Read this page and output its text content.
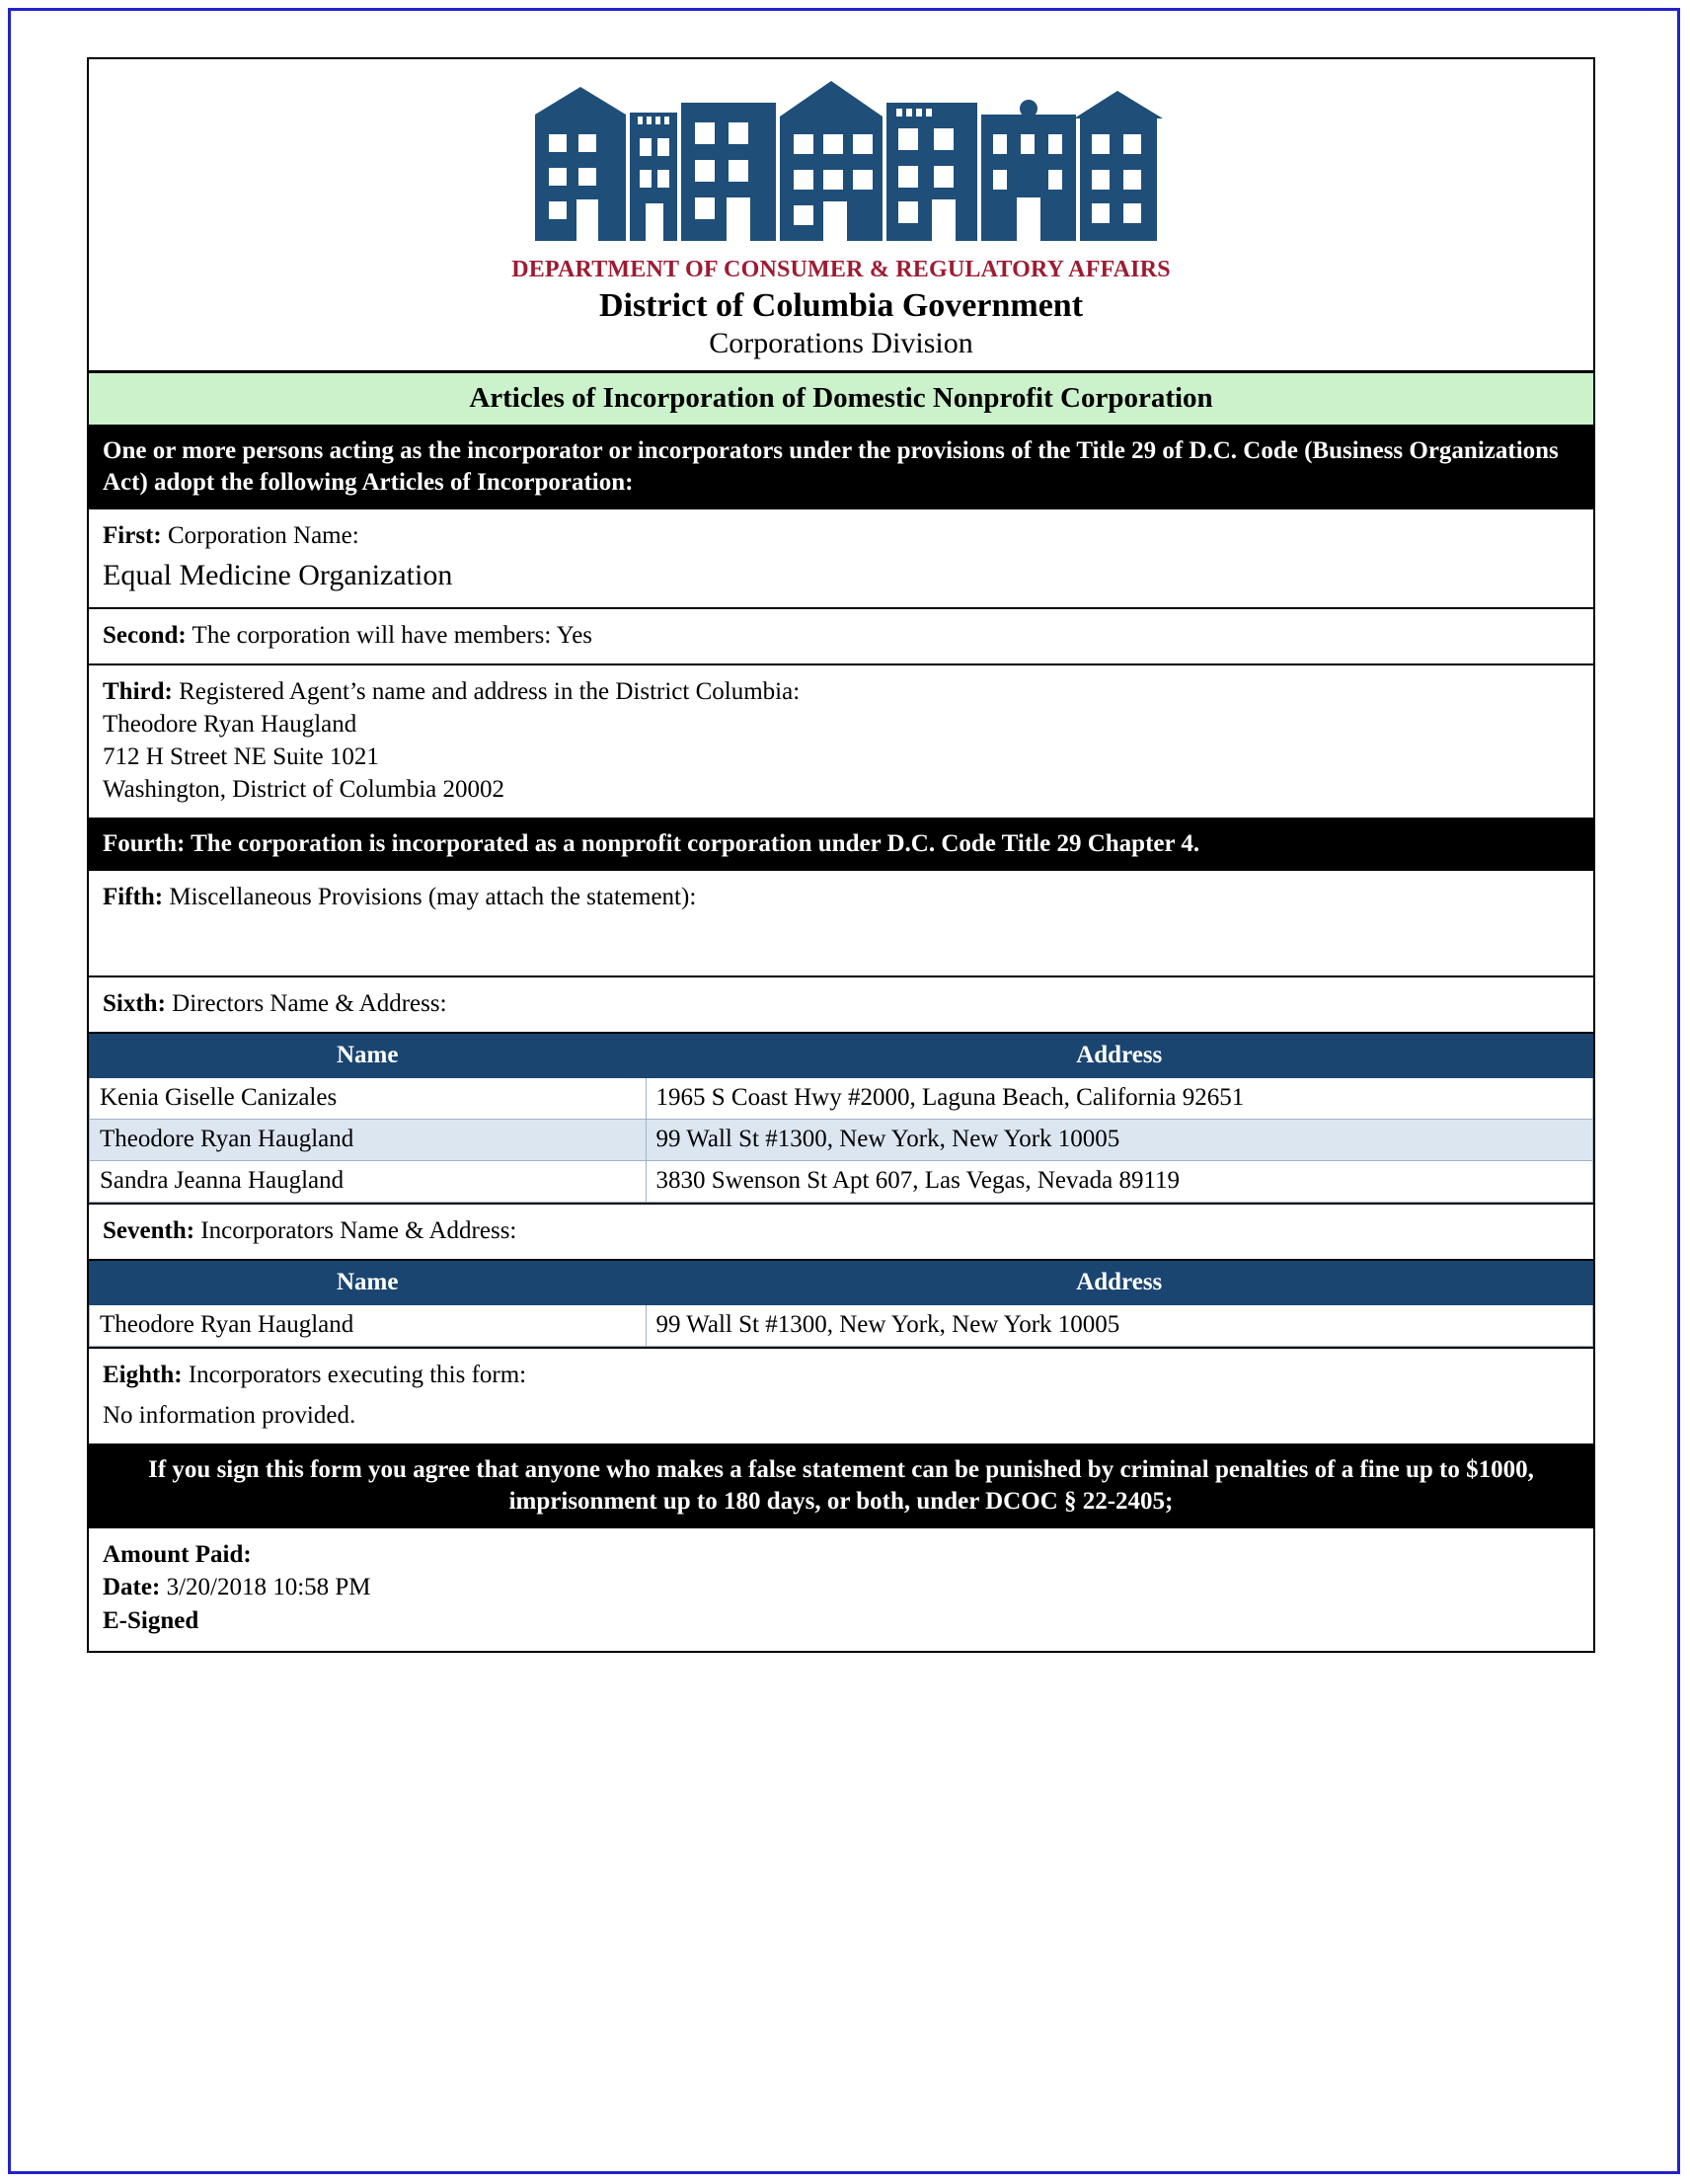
DEPARTMENT OF CONSUMER & REGULATORY AFFAIRS
District of Columbia Government
Corporations Division
Articles of Incorporation of Domestic Nonprofit Corporation
One or more persons acting as the incorporator or incorporators under the provisions of the Title 29 of D.C. Code (Business Organizations Act) adopt the following Articles of Incorporation:
First: Corporation Name:
Equal Medicine Organization
Second: The corporation will have members: Yes
Third: Registered Agent’s name and address in the District Columbia:
Theodore Ryan Haugland
712 H Street NE Suite 1021
Washington, District of Columbia 20002
Fourth: The corporation is incorporated as a nonprofit corporation under D.C. Code Title 29 Chapter 4.
Fifth: Miscellaneous Provisions (may attach the statement):
Sixth: Directors Name & Address:
Name	Address
Kenia Giselle Canizales	1965 S Coast Hwy #2000, Laguna Beach, California 92651
Theodore Ryan Haugland	99 Wall St #1300, New York, New York 10005
Sandra Jeanna Haugland	3830 Swenson St Apt 607, Las Vegas, Nevada 89119
Seventh: Incorporators Name & Address:
Name	Address
Theodore Ryan Haugland	99 Wall St #1300, New York, New York 10005
Eighth: Incorporators executing this form:
No information provided.
If you sign this form you agree that anyone who makes a false statement can be punished by criminal penalties of a fine up to $1000, imprisonment up to 180 days, or both, under DCOC § 22-2405;
Amount Paid:
Date: 3/20/2018 10:58 PM
E-Signed
